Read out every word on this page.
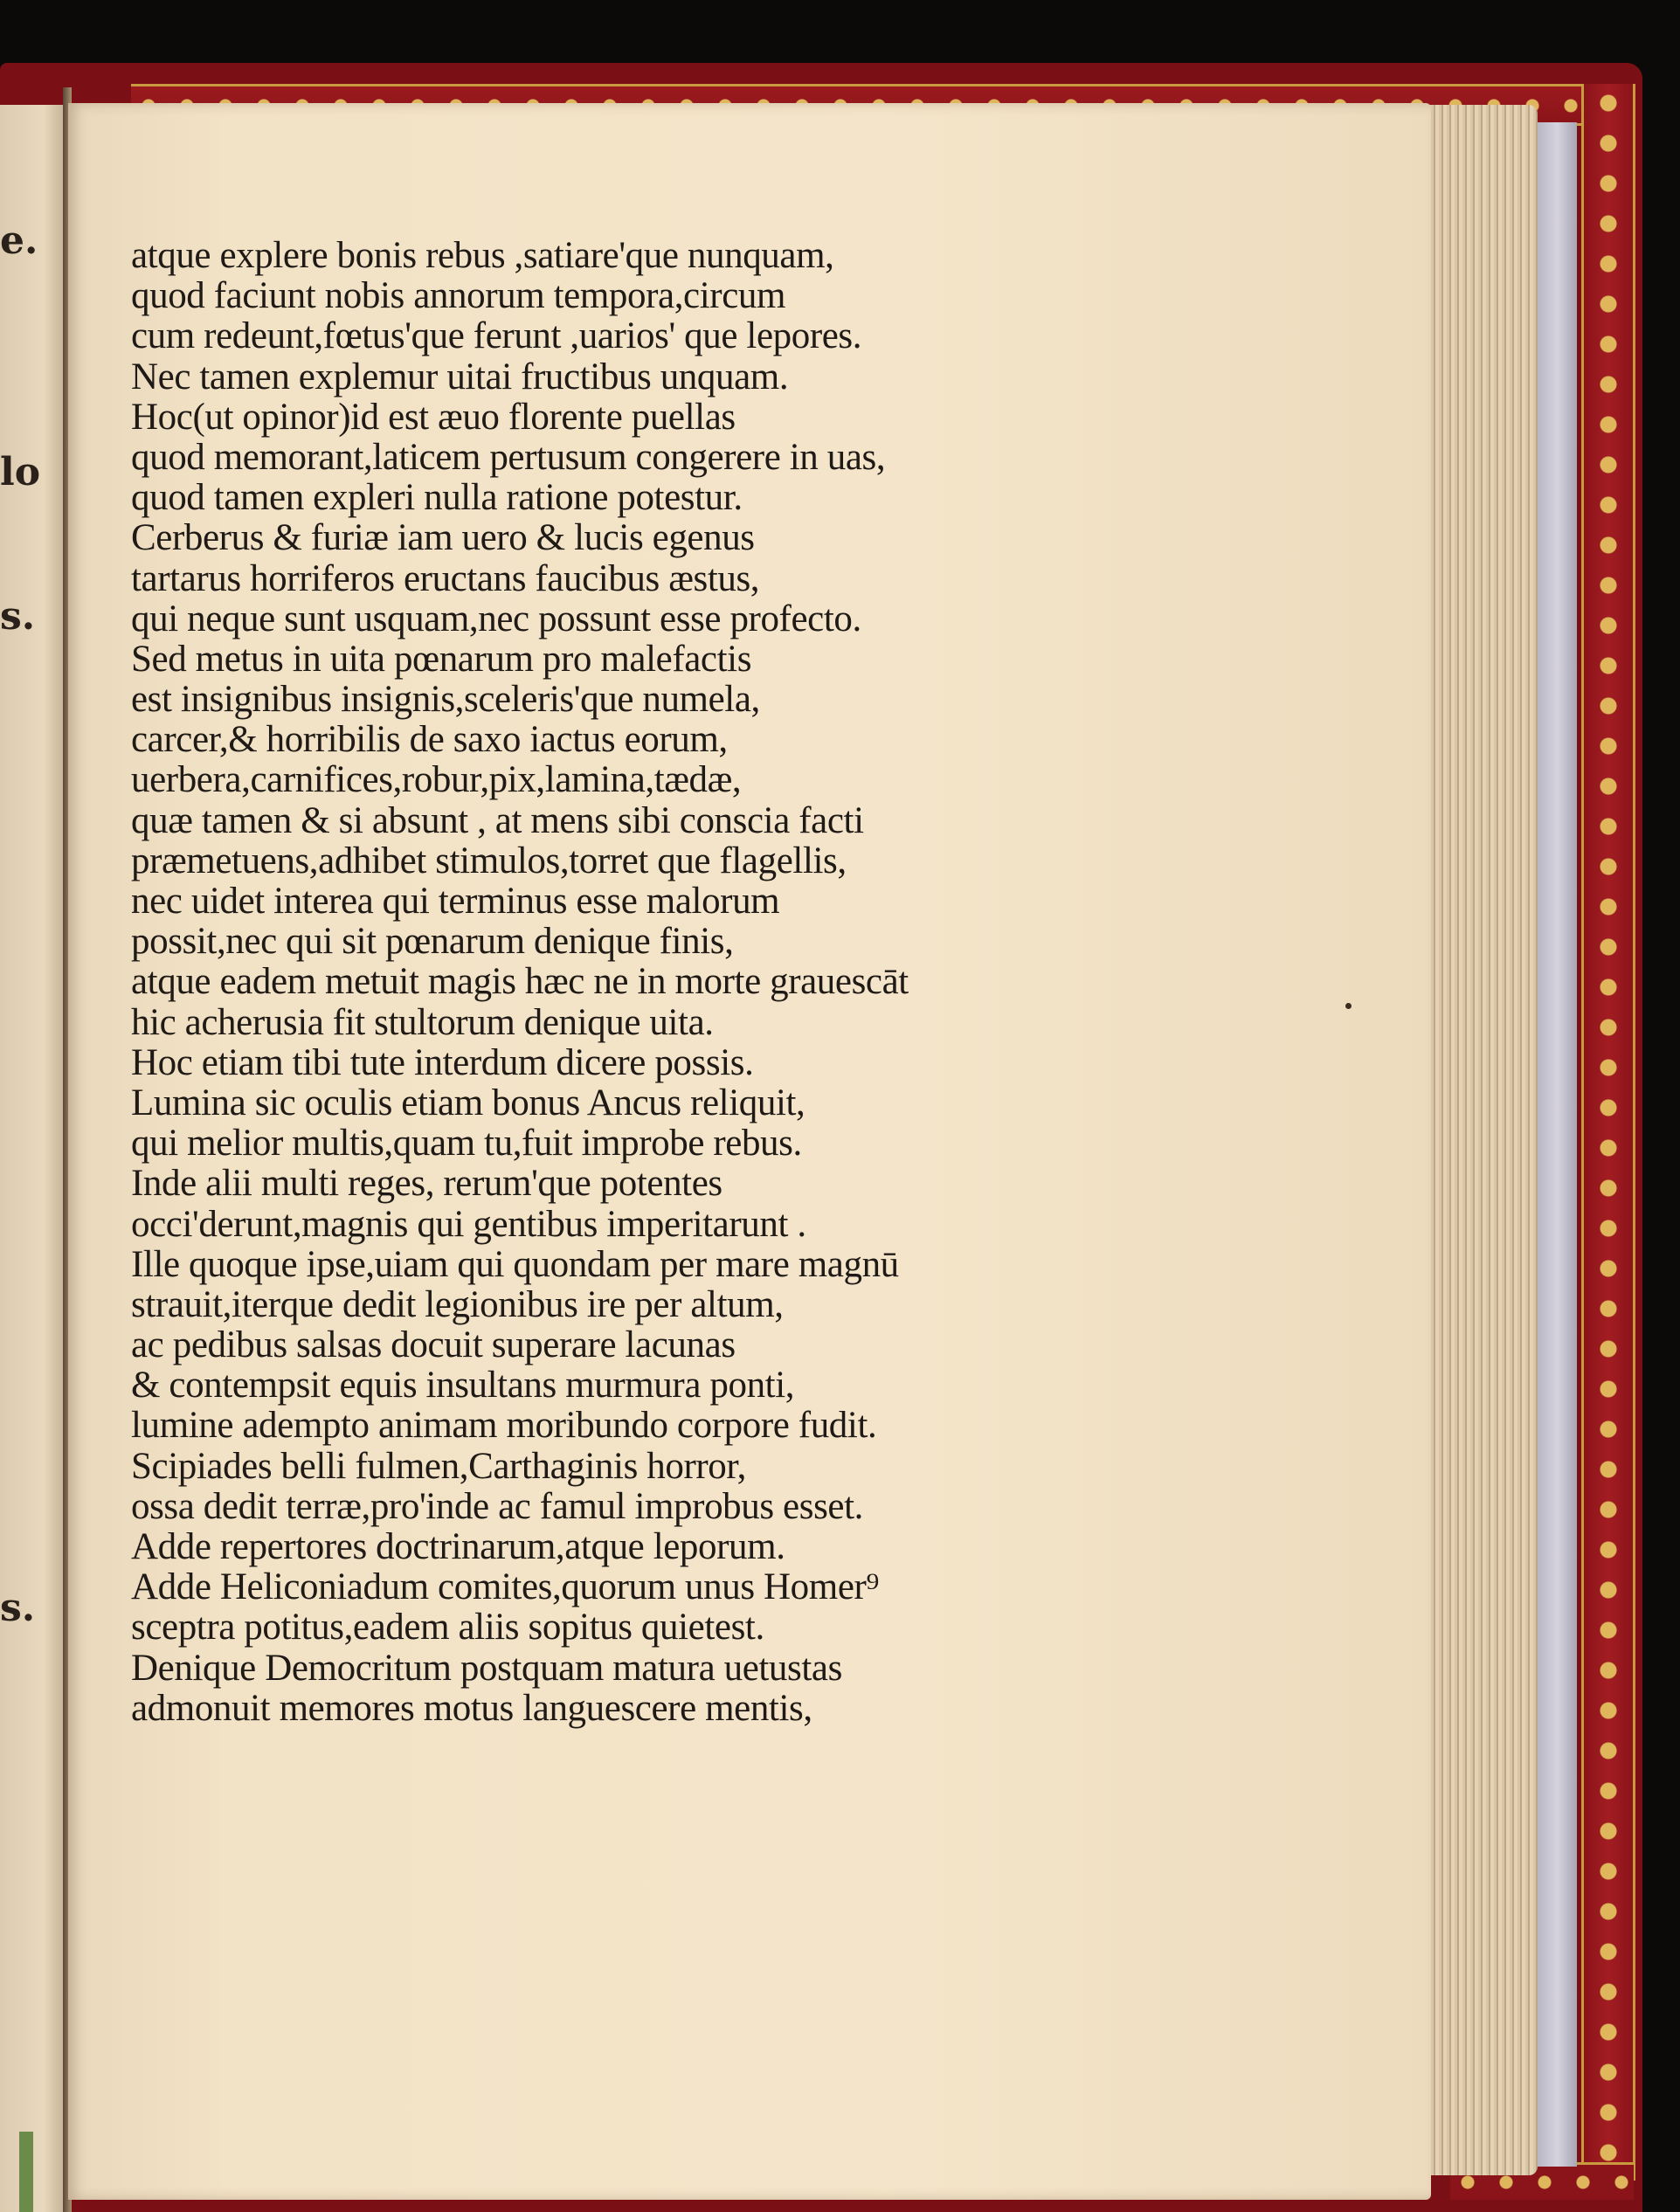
e.
lo
s.
s.
atque explere bonis rebus ,satiare'que nunquam,
quod faciunt nobis annorum tempora,circum
cum redeunt,fœtus'que ferunt ,uarios' que lepores.
Nec tamen explemur uitai fructibus unquam.
Hoc(ut opinor)id est æuo florente puellas
quod memorant,laticem pertusum congerere in uas,
quod tamen expleri nulla ratione potestur.
Cerberus & furiæ iam uero & lucis egenus
tartarus horriferos eructans faucibus æstus,
qui neque sunt usquam,nec possunt esse profecto.
Sed metus in uita pœnarum pro malefactis
est insignibus insignis,sceleris'que numela,
carcer,& horribilis de saxo iactus eorum,
uerbera,carnifices,robur,pix,lamina,tædæ,
quæ tamen & si absunt , at mens sibi conscia facti
præmetuens,adhibet stimulos,torret que flagellis,
nec uidet interea qui terminus esse malorum
possit,nec qui sit pœnarum denique finis,
atque eadem metuit magis hæc ne in morte grauescāt
hic acherusia fit stultorum denique uita.
Hoc etiam tibi tute interdum dicere possis.
Lumina sic oculis etiam bonus Ancus reliquit,
qui melior multis,quam tu,fuit improbe rebus.
Inde alii multi reges, rerum'que potentes
occi'derunt,magnis qui gentibus imperitarunt .
Ille quoque ipse,uiam qui quondam per mare magnū
strauit,iterque dedit legionibus ire per altum,
ac pedibus salsas docuit superare lacunas
& contempsit equis insultans murmura ponti,
lumine adempto animam moribundo corpore fudit.
Scipiades belli fulmen,Carthaginis horror,
ossa dedit terræ,pro'inde ac famul improbus esset.
Adde repertores doctrinarum,atque leporum.
Adde Heliconiadum comites,quorum unus Homer⁹
sceptra potitus,eadem aliis sopitus quietest.
Denique Democritum postquam matura uetustas
admonuit memores motus languescere mentis,
